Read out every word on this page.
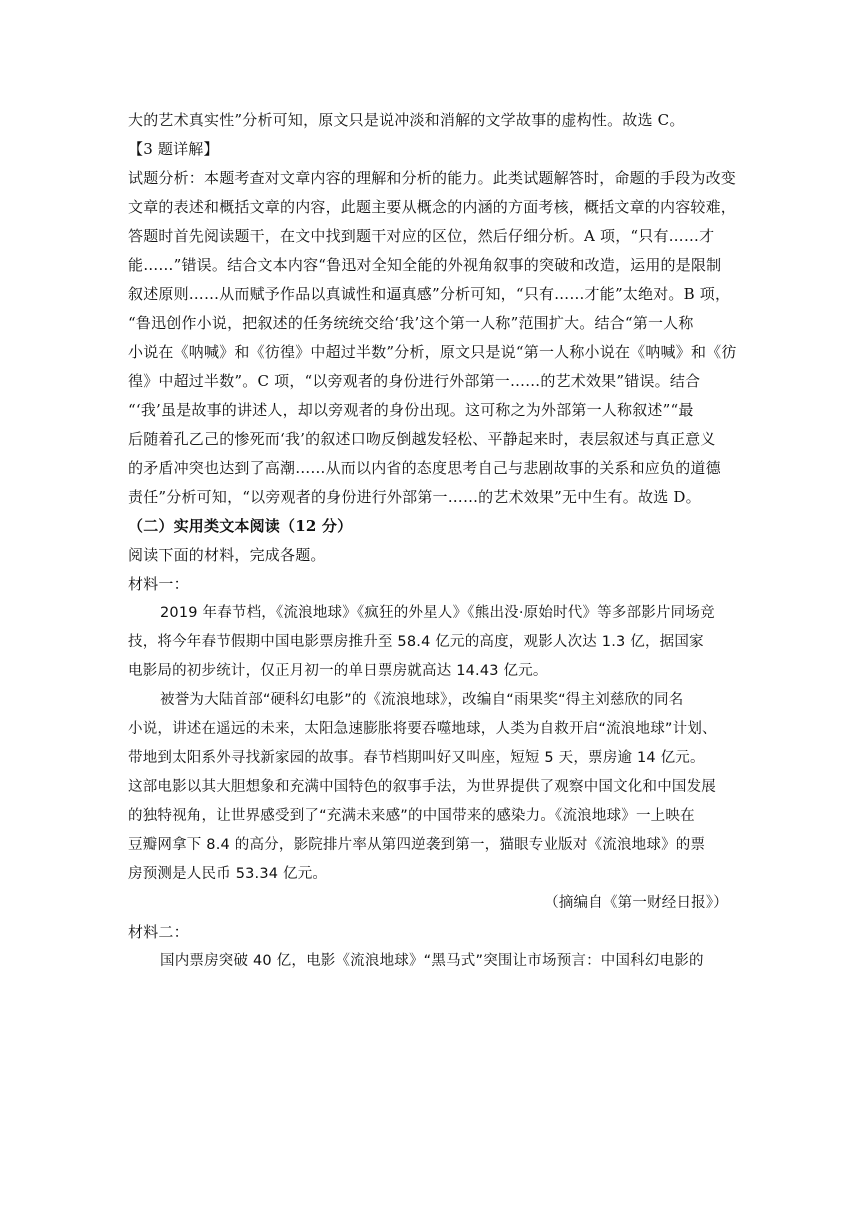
大的艺术真实性”分析可知，原文只是说冲淡和消解的文学故事的虚构性。故选 C。
【3 题详解】
试题分析：本题考查对文章内容的理解和分析的能力。此类试题解答时，命题的手段为改变
文章的表述和概括文章的内容，此题主要从概念的内涵的方面考核，概括文章的内容较难，
答题时首先阅读题干，在文中找到题干对应的区位，然后仔细分析。A 项，“只有……才
能……”错误。结合文本内容“鲁迅对全知全能的外视角叙事的突破和改造，运用的是限制
叙述原则……从而赋予作品以真诚性和逼真感”分析可知，“只有……才能”太绝对。B 项，
“鲁迅创作小说，把叙述的任务统统交给‘我’这个第一人称”范围扩大。结合“第一人称
小说在《呐喊》和《彷徨》中超过半数”分析，原文只是说“第一人称小说在《呐喊》和《彷
徨》中超过半数”。C 项，“以旁观者的身份进行外部第一……的艺术效果”错误。结合
“‘我’虽是故事的讲述人，却以旁观者的身份出现。这可称之为外部第一人称叙述”“最
后随着孔乙己的惨死而‘我’的叙述口吻反倒越发轻松、平静起来时，表层叙述与真正意义
的矛盾冲突也达到了高潮……从而以内省的态度思考自己与悲剧故事的关系和应负的道德
责任”分析可知，“以旁观者的身份进行外部第一……的艺术效果”无中生有。故选 D。
（二）实用类文本阅读（12 分）
阅读下面的材料，完成各题。
材料一：
2019 年春节档，《流浪地球》《疯狂的外星人》《熊出没·原始时代》等多部影片同场竞
技，将今年春节假期中国电影票房推升至 58.4 亿元的高度，观影人次达 1.3 亿，据国家
电影局的初步统计，仅正月初一的单日票房就高达 14.43 亿元。
被誉为大陆首部“硬科幻电影”的《流浪地球》，改编自“雨果奖“得主刘慈欣的同名
小说，讲述在遥远的未来，太阳急速膨胀将要吞噬地球，人类为自救开启“流浪地球”计划、
带地到太阳系外寻找新家园的故事。春节档期叫好又叫座，短短 5 天，票房逾 14 亿元。
这部电影以其大胆想象和充满中国特色的叙事手法，为世界提供了观察中国文化和中国发展
的独特视角，让世界感受到了“充满未来感”的中国带来的感染力。《流浪地球》一上映在
豆瓣网拿下 8.4 的高分，影院排片率从第四逆袭到第一，猫眼专业版对《流浪地球》的票
房预测是人民币 53.34 亿元。
（摘编自《第一财经日报》）
材料二：
国内票房突破 40 亿，电影《流浪地球》“黑马式”突围让市场预言：中国科幻电影的
